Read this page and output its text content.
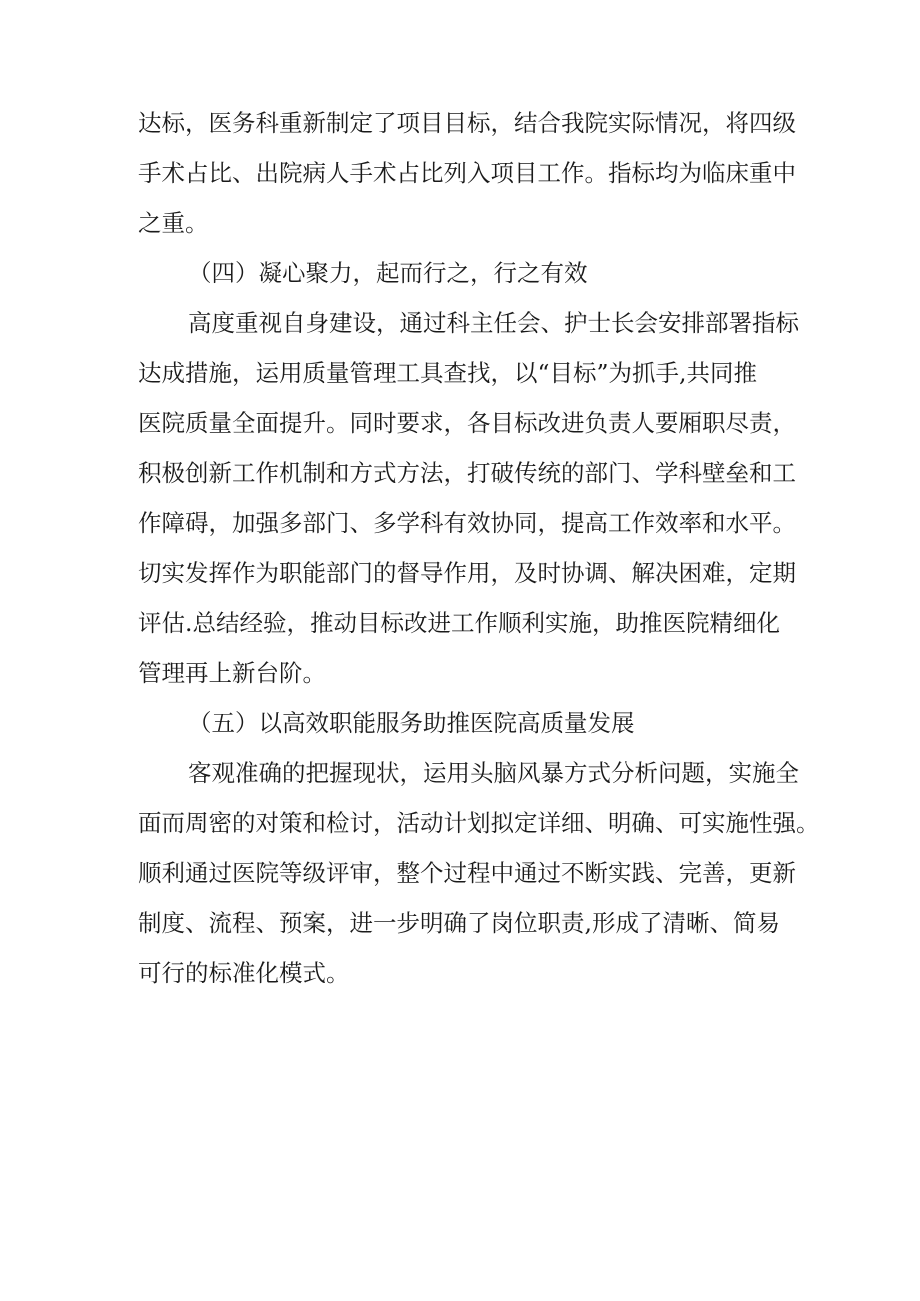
达标，医务科重新制定了项目目标，结合我院实际情况，将四级
手术占比、出院病人手术占比列入项目工作。指标均为临床重中
之重。
（四）凝心聚力，起而行之，行之有效
高度重视自身建设，通过科主任会、护士长会安排部署指标
达成措施，运用质量管理工具查找，以“目标”为抓手,共同推
医院质量全面提升。同时要求，各目标改进负责人要厢职尽责，
积极创新工作机制和方式方法，打破传统的部门、学科壁垒和工
作障碍，加强多部门、多学科有效协同，提高工作效率和水平。
切实发挥作为职能部门的督导作用，及时协调、解决困难，定期
评估.总结经验，推动目标改进工作顺利实施，助推医院精细化
管理再上新台阶。
（五）以高效职能服务助推医院高质量发展
客观准确的把握现状，运用头脑风暴方式分析问题，实施全
面而周密的对策和检讨，活动计划拟定详细、明确、可实施性强。
顺利通过医院等级评审，整个过程中通过不断实践、完善，更新
制度、流程、预案，进一步明确了岗位职责,形成了清晰、简易
可行的标准化模式。
